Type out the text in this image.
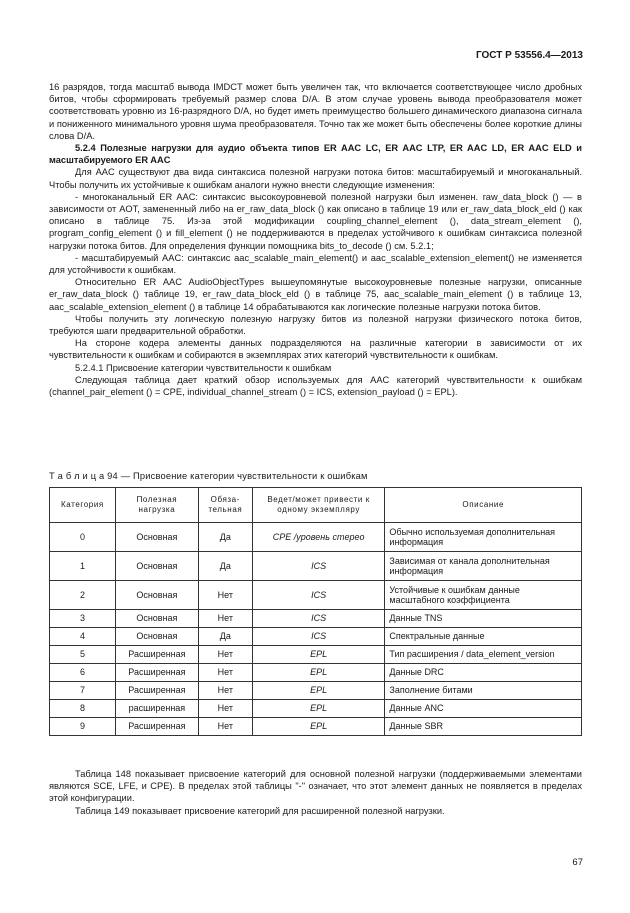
ГОСТ Р 53556.4—2013

16 разрядов, тогда масштаб вывода IMDCT может быть увеличен так, что включается соответствующее число дробных битов, чтобы сформировать требуемый размер слова D/A. В этом случае уровень вывода преобразователя может соответствовать уровню из 16-разрядного D/A, но будет иметь преимущество большего динамического диапазона сигнала и пониженного минимального уровня шума преобразователя. Точно так же может быть обеспечены более короткие длины слова D/A.

5.2.4 Полезные нагрузки для аудио объекта типов ER AAC LC, ER AAC LTP, ER AAC LD, ER AAC ELD и масштабируемого ER AAC

Для AAC существуют два вида синтаксиса полезной нагрузки потока битов: масштабируемый и многоканальный. Чтобы получить их устойчивые к ошибкам аналоги нужно внести следующие изменения:

- многоканальный ER AAC: синтаксис высокоуровневой полезной нагрузки был изменен. raw_data_block () — в зависимости от AOT, замененный либо на er_raw_data_block () как описано в таблице 19 или er_raw_data_block_eld () как описано в таблице 75. Из-за этой модификации coupling_channel_element (), data_stream_element (), program_config_element () и fill_element () не поддерживаются в пределах устойчивого к ошибкам синтаксиса полезной нагрузки потока битов. Для определения функции помощника bits_to_decode () см. 5.2.1;

- масштабируемый AAC: синтаксис aac_scalable_main_element() и aac_scalable_extension_element() не изменяется для устойчивости к ошибкам.

Относительно ER AAC AudioObjectTypes вышеупомянутые высокоуровневые полезные нагрузки, описанные er_raw_data_block () таблице 19, er_raw_data_block_eld () в таблице 75, aac_scalable_main_element () в таблице 13, aac_scalable_extension_element () в таблице 14 обрабатываются как логические полезные нагрузки потока битов.

Чтобы получить эту логическую полезную нагрузку битов из полезной нагрузки физического потока битов, требуются шаги предварительной обработки.

На стороне кодера элементы данных подразделяются на различные категории в зависимости от их чувствительности к ошибкам и собираются в экземплярах этих категорий чувствительности к ошибкам.

5.2.4.1 Присвоение категории чувствительности к ошибкам

Следующая таблица дает краткий обзор используемых для AAC категорий чувствительности к ошибкам (channel_pair_element () = CPE, individual_channel_stream () = ICS, extension_payload () = EPL).

Т а б л и ц а 94 — Присвоение категории чувствительности к ошибкам
Категория	Полезная нагрузка	Обяза-тельная	Ведет/может привести к одному экземпляру	Описание
0	Основная	Да	CPE /уровень стерео	Обычно используемая дополнительная информация
1	Основная	Да	ICS	Зависимая от канала дополнительная информация
2	Основная	Нет	ICS	Устойчивые к ошибкам данные масштабного коэффициента
3	Основная	Нет	ICS	Данные TNS
4	Основная	Да	ICS	Спектральные данные
5	Расширенная	Нет	EPL	Тип расширения / data_element_version
6	Расширенная	Нет	EPL	Данные DRC
7	Расширенная	Нет	EPL	Заполнение битами
8	расширенная	Нет	EPL	Данные ANC
9	Расширенная	Нет	EPL	Данные SBR

Таблица 148 показывает присвоение категорий для основной полезной нагрузки (поддерживаемыми элементами являются SCE, LFE, и CPE). В пределах этой таблицы "-" означает, что этот элемент данных не появляется в пределах этой конфигурации.

Таблица 149 показывает присвоение категорий для расширенной полезной нагрузки.

67
